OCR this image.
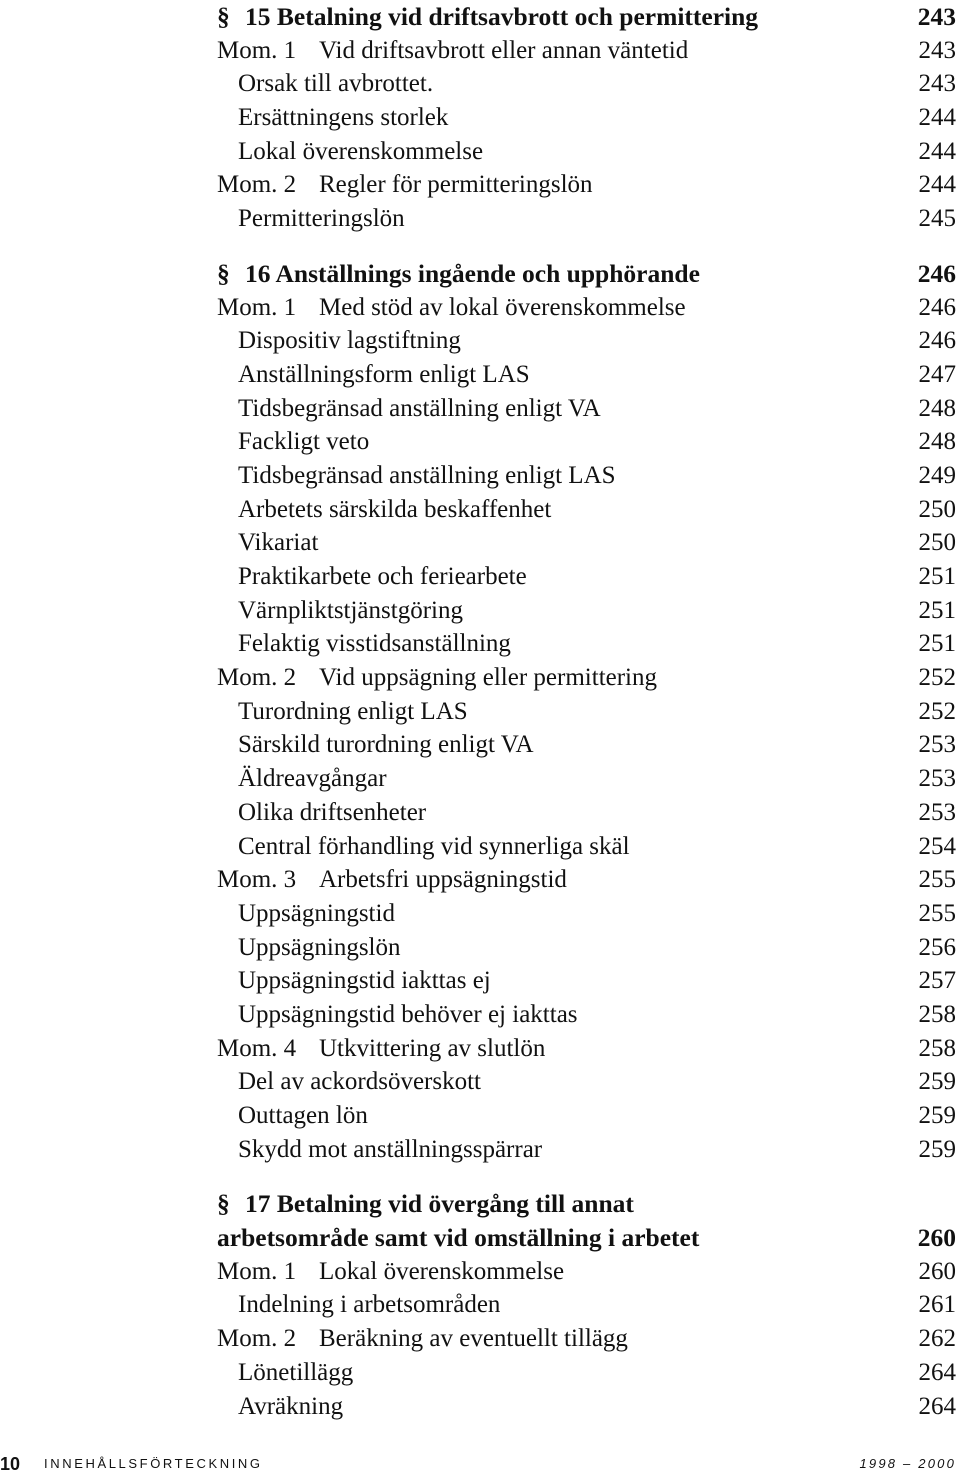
§ 15 Betalning vid driftsavbrott och permittering	243
Mom. 1 Vid driftsavbrott eller annan väntetid	243
Orsak till avbrottet.	243
Ersättningens storlek	244
Lokal överenskommelse	244
Mom. 2 Regler för permitteringslön	244
Permitteringslön	245
§ 16 Anställnings ingående och upphörande	246
Mom. 1 Med stöd av lokal överenskommelse	246
Dispositiv lagstiftning	246
Anställningsform enligt LAS	247
Tidsbegränsad anställning enligt VA	248
Fackligt veto	248
Tidsbegränsad anställning enligt LAS	249
Arbetets särskilda beskaffenhet	250
Vikariat	250
Praktikarbete och feriearbete	251
Värnpliktstjänstgöring	251
Felaktig visstidsanställning	251
Mom. 2 Vid uppsägning eller permittering	252
Turordning enligt LAS	252
Särskild turordning enligt VA	253
Äldreavgångar	253
Olika driftsenheter	253
Central förhandling vid synnerliga skäl	254
Mom. 3 Arbetsfri uppsägningstid	255
Uppsägningstid	255
Uppsägningslön	256
Uppsägningstid iakttas ej	257
Uppsägningstid behöver ej iakttas	258
Mom. 4 Utkvittering av slutlön	258
Del av ackordsöverskott	259
Outtagen lön	259
Skydd mot anställningsspärrar	259
§ 17 Betalning vid övergång till annat
arbetsområde samt vid omställning i arbetet	260
Mom. 1 Lokal överenskommelse	260
Indelning i arbetsområden	261
Mom. 2 Beräkning av eventuellt tillägg	262
Lönetillägg	264
Avräkning	264
10 INNEHÅLLSFÖRTECKNING	1998 – 2000
